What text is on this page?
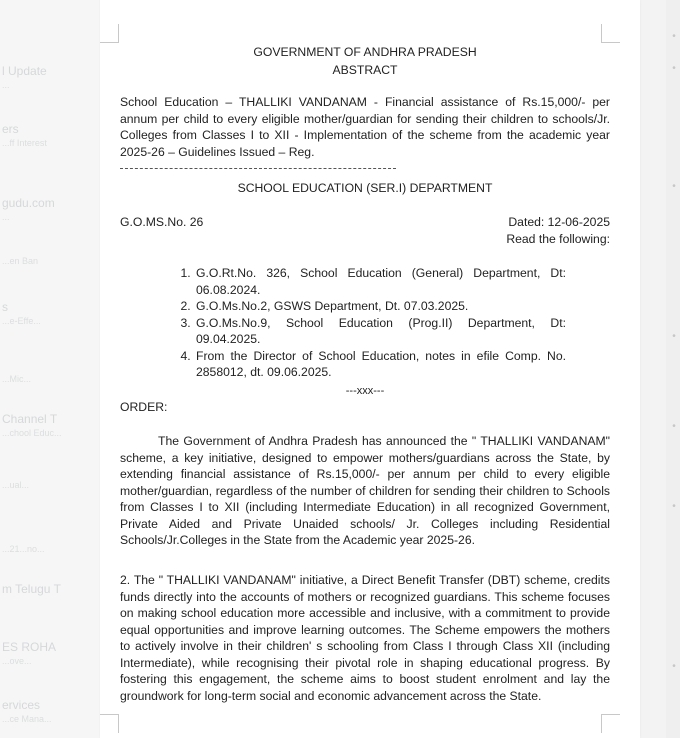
l Update
...
ers
...ff Interest
gudu.com
...
...en Ban
s
...e-Effe...
...Mic...
Channel T
...chool Educ...
...ual...
...21...no...
m Telugu T
ES ROHA
...ove...
ervices
...ce Mana...
•
•
•
•
•
•
•
GOVERNMENT OF ANDHRA PRADESH
ABSTRACT
School Education – THALLIKI VANDANAM - Financial assistance of Rs.15,000/- per annum per child to every eligible mother/guardian for sending their children to schools/Jr. Colleges from Classes I to XII - Implementation of the scheme from the academic year 2025-26 – Guidelines Issued – Reg.
SCHOOL EDUCATION (SER.I) DEPARTMENT
G.O.MS.No. 26	Dated: 12-06-2025
Read the following:
1. G.O.Rt.No. 326, School Education (General) Department, Dt: 06.08.2024.
2. G.O.Ms.No.2, GSWS Department, Dt. 07.03.2025.
3. G.O.Ms.No.9, School Education (Prog.II) Department, Dt: 09.04.2025.
4. From the Director of School Education, notes in efile Comp. No. 2858012, dt. 09.06.2025.
---xxx---
ORDER:
The Government of Andhra Pradesh has announced the " THALLIKI VANDANAM" scheme, a key initiative, designed to empower mothers/guardians across the State, by extending financial assistance of Rs.15,000/- per annum per child to every eligible mother/guardian, regardless of the number of children for sending their children to Schools from Classes I to XII (including Intermediate Education) in all recognized Government, Private Aided and Private Unaided schools/ Jr. Colleges including Residential Schools/Jr.Colleges in the State from the Academic year 2025-26.
2. The " THALLIKI VANDANAM" initiative, a Direct Benefit Transfer (DBT) scheme, credits funds directly into the accounts of mothers or recognized guardians. This scheme focuses on making school education more accessible and inclusive, with a commitment to provide equal opportunities and improve learning outcomes. The Scheme empowers the mothers to actively involve in their children' s schooling from Class I through Class XII (including Intermediate), while recognising their pivotal role in shaping educational progress. By fostering this engagement, the scheme aims to boost student enrolment and lay the groundwork for long-term social and economic advancement across the State.
